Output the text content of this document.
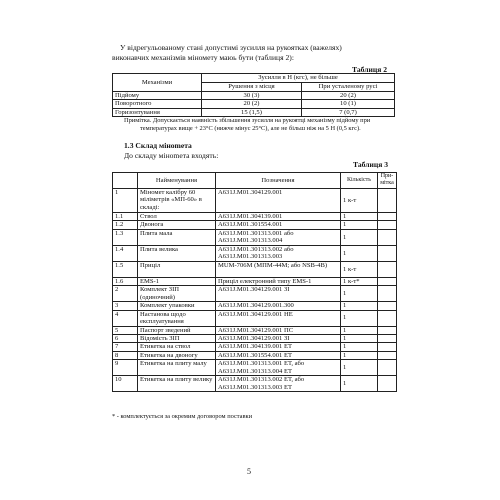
У відрегульованому стані допустимі зусилля на рукоятках (важелях)
виконавчих механізмів міномету маюь бути (таблиця 2):
Таблиця 2
Механізми	Зусилля в Н (кгс), не більше	
	Рушення з місця	При усталеному русі
Підйому	30 (3)	20 (2)
Поворотного	20 (2)	10 (1)
Горизонтування	15 (1,5)	7 (0,7)
Примітка. Допускається наявність збільшення зусилля на рукоятці механізму підйому при
температурах вище + 23°С (нижче мінус 25°С), але не більш ніж на 5 Н (0,5 кгс).
1.3 Склад мінomета
До складу мінomета входять:
Таблиця 3
	Найменування	Позначення	Кількість	При- мітка
1	Міномет калібру 60 міліметрів «МП-60» в складі:	А631Ј.М01.304129.001	1 к-т	
1.1	Ствол	А631Ј.М01.304139.001	1	
1.2	Двонога	А631Ј.М01.301554.001	1	
1.3	Плита мала	А631Ј.М01.301313.001 або А631Ј.М01.301313.004	1	
1.4	Плита велика	А631Ј.М01.301313.002 або А631Ј.М01.301313.003	1	
1.5	Приціл	MUM-706M (МПМ-44М; або NSB-4B)	1 к-т	
1.6	EMS-1	Приціл електронний типу EMS-1	1 к-т*	
2	Комплект ЗІП (одиночний)	А631Ј.М01.304129.001 ЗІ	1	
3	Комплект упаковки	А631Ј.М01.304129.001.300	1	
4	Настанова щодо експлуатування	А631Ј.М01.304129.001 НЕ	1	
5	Паспорт зведений	А631Ј.М01.304129.001 ПС	1	
6	Відомість ЗІП	А631Ј.М01.304129.001 ЗІ	1	
7	Етикетка на ствол	А631Ј.М01.304139.001 ЕТ	1	
8	Етикетка на двоногу	А631Ј.М01.301554.001 ЕТ	1	
9	Етикетка на плиту малу	А631Ј.М01.301313.001 ЕТ, або А631Ј.М01.301313.004 ЕТ	1	
10	Етикетка на плиту велику	А631Ј.М01.301313.002 ЕТ, або А631Ј.М01.301313.003 ЕТ	1	
* - комплектується за окремим договором поставки
5
